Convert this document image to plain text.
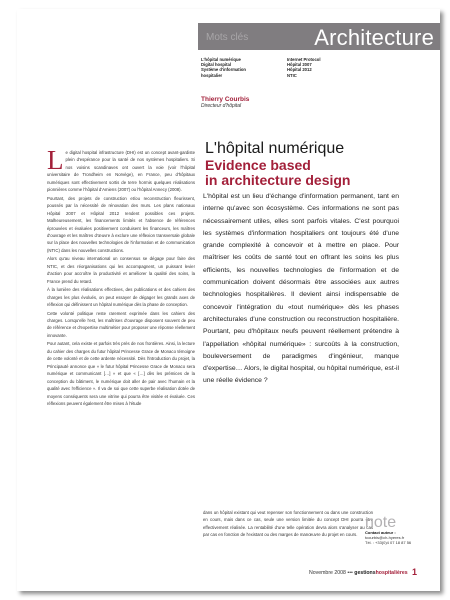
Mots clés	Architecture
L'hôpital numérique	Internet Protocol
Digital hospital	Hôpital 2007
Système d'information	Hôpital 2012
hospitalier	NTIC
Thierry Courbis
Directeur d'hôpital
L'hôpital numérique
Evidence based
in architecture design
L'hôpital est un lieu d'échange d'information permanent, tant en interne qu'avec son écosystème. Ces informations ne sont pas nécessairement utiles, elles sont parfois vitales. C'est pourquoi les systèmes d'information hospitaliers ont toujours été d'une grande complexité à concevoir et à mettre en place. Pour maîtriser les coûts de santé tout en offrant les soins les plus efficients, les nouvelles technologies de l'information et de communication doivent désormais être associées aux autres technologies hospitalières. Il devient ainsi indispensable de concevoir l'intégration du «tout numérique» dès les phases architecturales d'une construction ou reconstruction hospitalière. Pourtant, peu d'hôpitaux neufs peuvent réellement prétendre à l'appellation «hôpital numérique» : surcoûts à la construction, bouleversement de paradigmes d'ingénieur, manque d'expertise… Alors, le digital hospital, ou hôpital numérique, est-il une réelle évidence ?

Le digital hospital infrastructure (DHI) est un concept avant-gardiste plein d'espérance pour la santé de nos systèmes hospitaliers. Si nos voisins scandinaves ont ouvert la voie (voir l'hôpital universitaire de Trondheim en Norvège), en France, peu d'hôpitaux numériques sont effectivement sortis de terre hormis quelques réalisations pionnières comme l'hôpital d'Amiens (2007) ou l'hôpital Annecy (2008).

Pourtant, des projets de construction et/ou reconstruction fleurissent, poussés par la nécessité de rénovation des murs. Les plans nationaux Hôpital 2007 et Hôpital 2012 rendent possibles ces projets. Malheureusement, les financements limités et l'absence de références éprouvées et évaluées positivement conduisent les financeurs, les maîtres d'ouvrage et les maîtres d'œuvre à exclure une réflexion transversale globale sur la place des nouvelles technologies de l'information et de communication (NTIC) dans les nouvelles constructions.

Alors qu'au niveau international un consensus se dégage pour faire des NTIC, et des réorganisations qui les accompagnent, un puissant levier d'action pour accroître la productivité et améliorer la qualité des soins, la France prend du retard.

À la lumière des réalisations effectives, des publications et des cahiers des charges les plus évolués, on peut essayer de dégager les grands axes de réflexion qui définissent un hôpital numérique dès la phase de conception.

Cette volonté politique reste rarement exprimée dans les cahiers des charges. Lorsqu'elle l'est, les maîtrises d'ouvrage disposent souvent de peu de référence et d'expertise multimétier pour proposer une réponse réellement innovante.

Pour autant, cela existe et parfois très près de nos frontières. Ainsi, la lecture du cahier des charges du futur hôpital Princesse Grace de Monaco témoigne de cette volonté et de cette ardente nécessité. Dès l'introduction du projet, la Principauté annonce que « le futur hôpital Princesse Grace de Monaco sera numérique et communicant […] » et que « […] dès les prémices de la conception du bâtiment, le numérique doit aller de pair avec l'humain et la qualité avec l'efficience ». Il va de soi que cette superbe réalisation dotée de moyens conséquents sera une vitrine qui pourra être visitée et évaluée. Ces réflexions peuvent également être mises à l'étude

dans un hôpital existant qui veut repenser son fonctionnement ou dans une construction en cours, mais dans ce cas, seule une version limitée du concept DHI pourra être effectivement réalisée. La rentabilité d'une telle opération devra alors s'analyser au cas par cas en fonction de l'existant ou des marges de manœuvre du projet en cours.
note
Contact auteur :
tcourbis@ch-hyeres.fr
Tél. : +33(0)4 07 18 87 56
Novembre 2008 ••• gestionshospitalières 1
